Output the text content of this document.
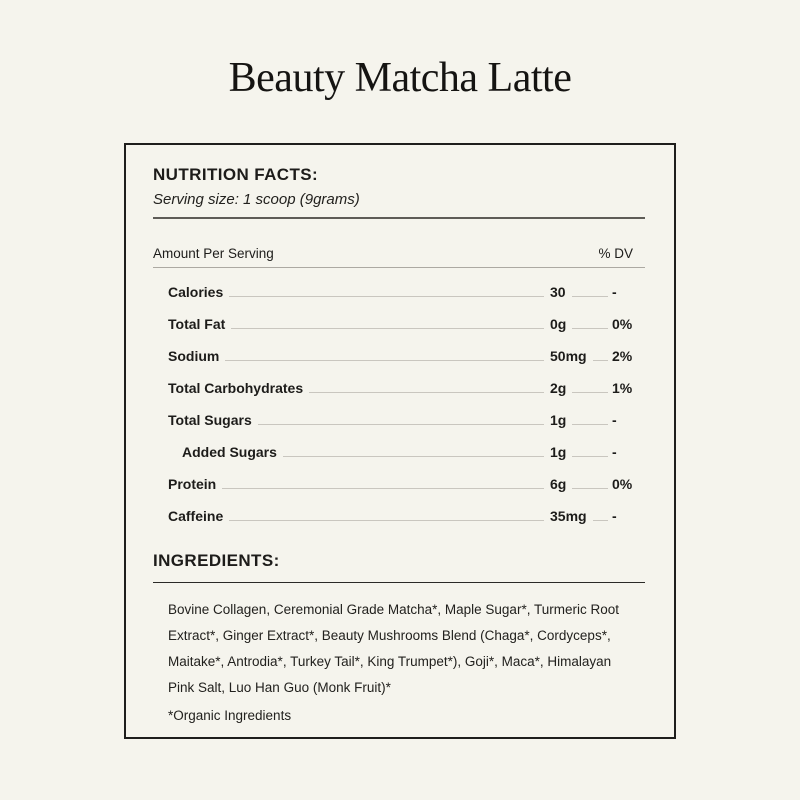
Beauty Matcha Latte
NUTRITION FACTS:
Serving size: 1 scoop (9grams)
Amount Per Serving	% DV
Calories	30	-
Total Fat	0g	0%
Sodium	50mg 2%
Total Carbohydrates	2g	1%
Total Sugars	1g	-
Added Sugars	1g	-
Protein	6g	0%
Caffeine	35mg -
INGREDIENTS:
Bovine Collagen, Ceremonial Grade Matcha*, Maple Sugar*, Turmeric Root Extract*, Ginger Extract*, Beauty Mushrooms Blend (Chaga*, Cordyceps*, Maitake*, Antrodia*, Turkey Tail*, King Trumpet*), Goji*, Maca*, Himalayan Pink Salt, Luo Han Guo (Monk Fruit)*
*Organic Ingredients
